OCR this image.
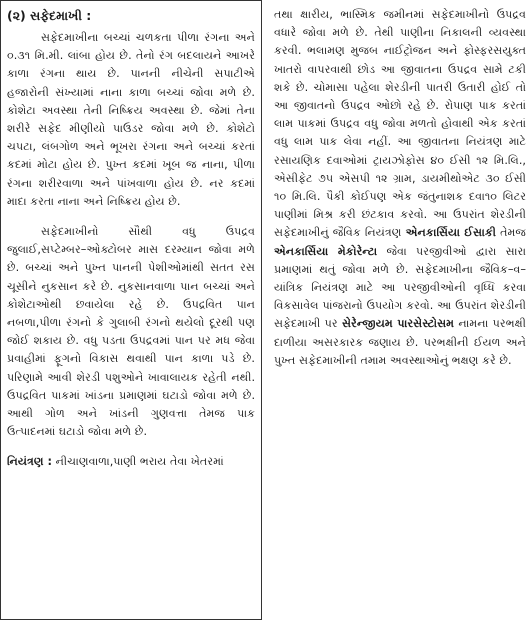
(૨) સફેદમાખી :

સફેદમાખીના બચ્ચાં ચળકતા પીળા રંગના અને ૦.૩૧ મિ.મી. લાંબા હોય છે. તેનો રંગ બદલાયને આખરે કાળા રંગના થાય છે. પાનની નીચેની સપાટીએ હજારોની સંખ્યામાં નાના કાળા બચ્ચાં જોવા મળે છે. કોશેટા અવસ્થા તેની નિષ્ક્રિય અવસ્થા છે. જેમાં તેના શરીરે સફેદ મીણીયો પાઉડર જોવા મળે છે. કોશેટો ચપટા, લંબગોળ અને ભૂખરા રંગના અને બચ્ચાં કરતાં કદમાં મોટા હોય છે. પુખ્ત કદમાં ખૂબ જ નાના, પીળા રંગના શરીરવાળા અને પાંખવાળા હોય છે. નર કદમાં માદા કરતા નાના અને નિષ્ક્રિય હોય છે.

સફેદમાખીનો સૌથી વધુ ઉપદ્રવ જુલાઈ,સપ્ટેમ્બર–ઓક્ટોબર માસ દરમ્યાન જોવા મળે છે. બચ્ચાં અને પુખ્ત પાનની પેશીઓમાંથી સતત રસ ચૂસીને નુકસાન કરે છે. નુકસાનવાળા પાન બચ્ચાં અને કોશેટાઓથી છવાયેલા રહે છે. ઉપદ્રવિત પાન નબળા,પીળા રંગનો કે ગુલાબી રંગનો થયેલો દૂરથી પણ જોઈ શકાય છે. વધુ પડતા ઉપદ્રવમાં પાન પર મધ જેવા પ્રવાહીમાં ફૂગનો વિકાસ થવાથી પાન કાળા પડે છે. પરિણામે આવી શેરડી પશુઓને ખાવાલાયક રહેતી નથી. ઉપદ્રવિત પાકમાં ખાંડના પ્રમાણમાં ઘટાડો જોવા મળે છે. આથી ગોળ અને ખાંડની ગુણવત્તા તેમજ પાક ઉત્પાદનમાં ઘટાડો જોવા મળે છે.

નિયંત્રણ : નીચાણવાળા,પાણી ભરાય તેવા ખેતરમાં

તથા ક્ષારીય, ભાસ્મિક જમીનમાં સફેદમાખીનો ઉપદ્રવ વધારે જોવા મળે છે. તેથી પાણીના નિકાલની વ્યવસ્થા કરવી. ભલામણ મુજબ નાઈટ્રોજન અને ફોસ્ફરસયુક્ત ખાતરો વાપરવાથી છોડ આ જીવાતના ઉપદ્રવ સામે ટકી શકે છે. ચોમાસા પહેલા શેરડીની પાતરી ઉતારી હોઈ તો આ જીવાતનો ઉપદ્રવ ઓછો રહે છે. રોપાણ પાક કરતાં લામ પાકમાં ઉપદ્રવ વધુ જોવા મળતો હોવાથી એક કરતાં વધુ લામ પાક લેવા નહીં. આ જીવાતના નિયંત્રણ માટે રસાયણિક દવાઓમાં ટ્રાયઝોફોસ ૪૦ ઈસી ૧૨ મિ.લિ., એસીફેટ ૭૫ એસપી ૧૨ ગ્રામ, ડાયમીથોએટ ૩૦ ઈસી ૧૦ મિ.લિ. પૈકી કોઈપણ એક જંતુનાશક દવા૧૦ લિટર પાણીમાં મિશ્ર કરી છંટકાવ કરવો. આ ઉપરાંત શેરડીની સફેદમાખીનું જૈવિક નિયંત્રણ એનકાર્સિયા ઈસાકી તેમજ એનકાર્સિયા મેકોરેન્ટા જેવા પરજીવીઓ દ્વારા સારા પ્રમાણમાં થતું જોવા મળે છે. સફેદમાખીના જૈવિક–વ–યાંત્રિક નિયંત્રણ માટે આ પરજીવીઓની વૃધ્ધિ કરવા વિકસાવેલ પાંજરાનો ઉપયોગ કરવો. આ ઉપરાંત શેરડીની સફેદમાખી પર સેરેન્જીયમ પારસેસ્ટોસમ નામના પરભક્ષી દાળીયા અસરકારક જણાય છે. પરભક્ષીની ઈયળ અને પુખ્ત સફેદમાખીની તમામ અવસ્થાઓનું ભક્ષણ કરે છે.
